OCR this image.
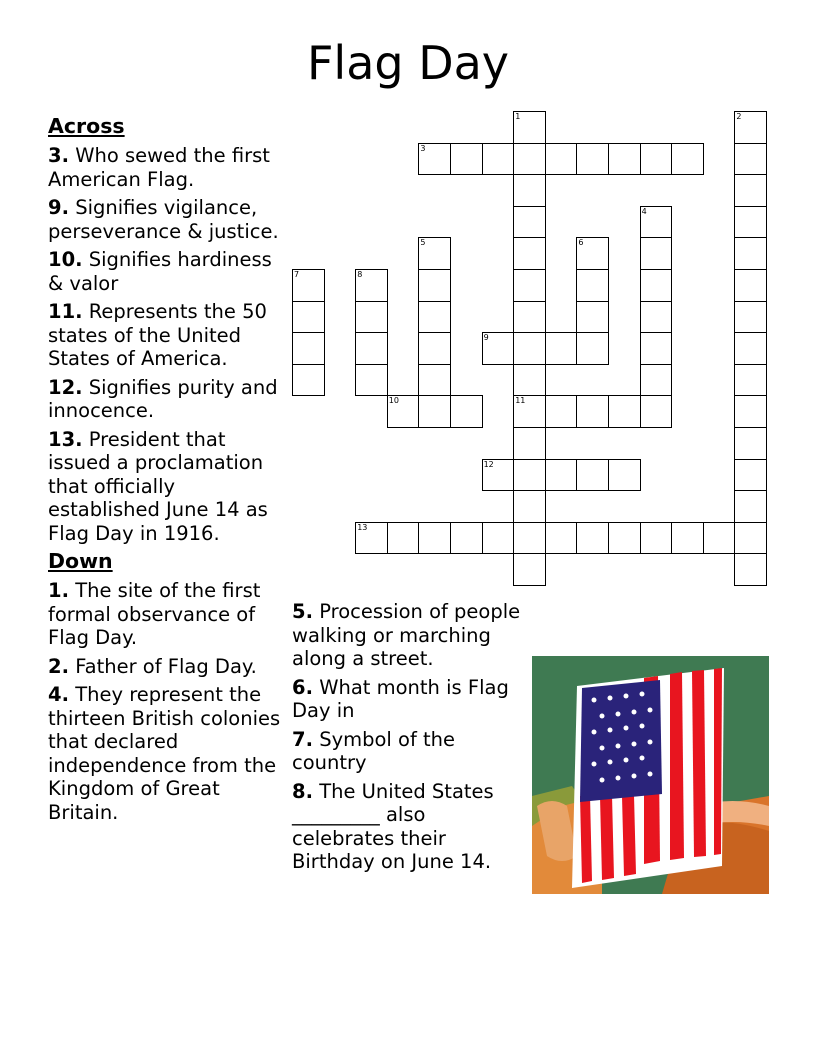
Flag Day
Across
3. Who sewed the first American Flag.
9. Signifies vigilance, perseverance & justice.
10. Signifies hardiness & valor
11. Represents the 50 states of the United States of America.
12. Signifies purity and innocence.
13. President that issued a proclamation that officially established June 14 as Flag Day in 1916.
Down
1. The site of the first formal observance of Flag Day.
2. Father of Flag Day.
4. They represent the thirteen British colonies that declared independence from the Kingdom of Great Britain.
5. Procession of people walking or marching along a street.
6. What month is Flag Day in
7. Symbol of the country
8. The United States _________ also celebrates their Birthday on June 14.
1
11
2
3
4
5	6
7	8
9
10
12
13
